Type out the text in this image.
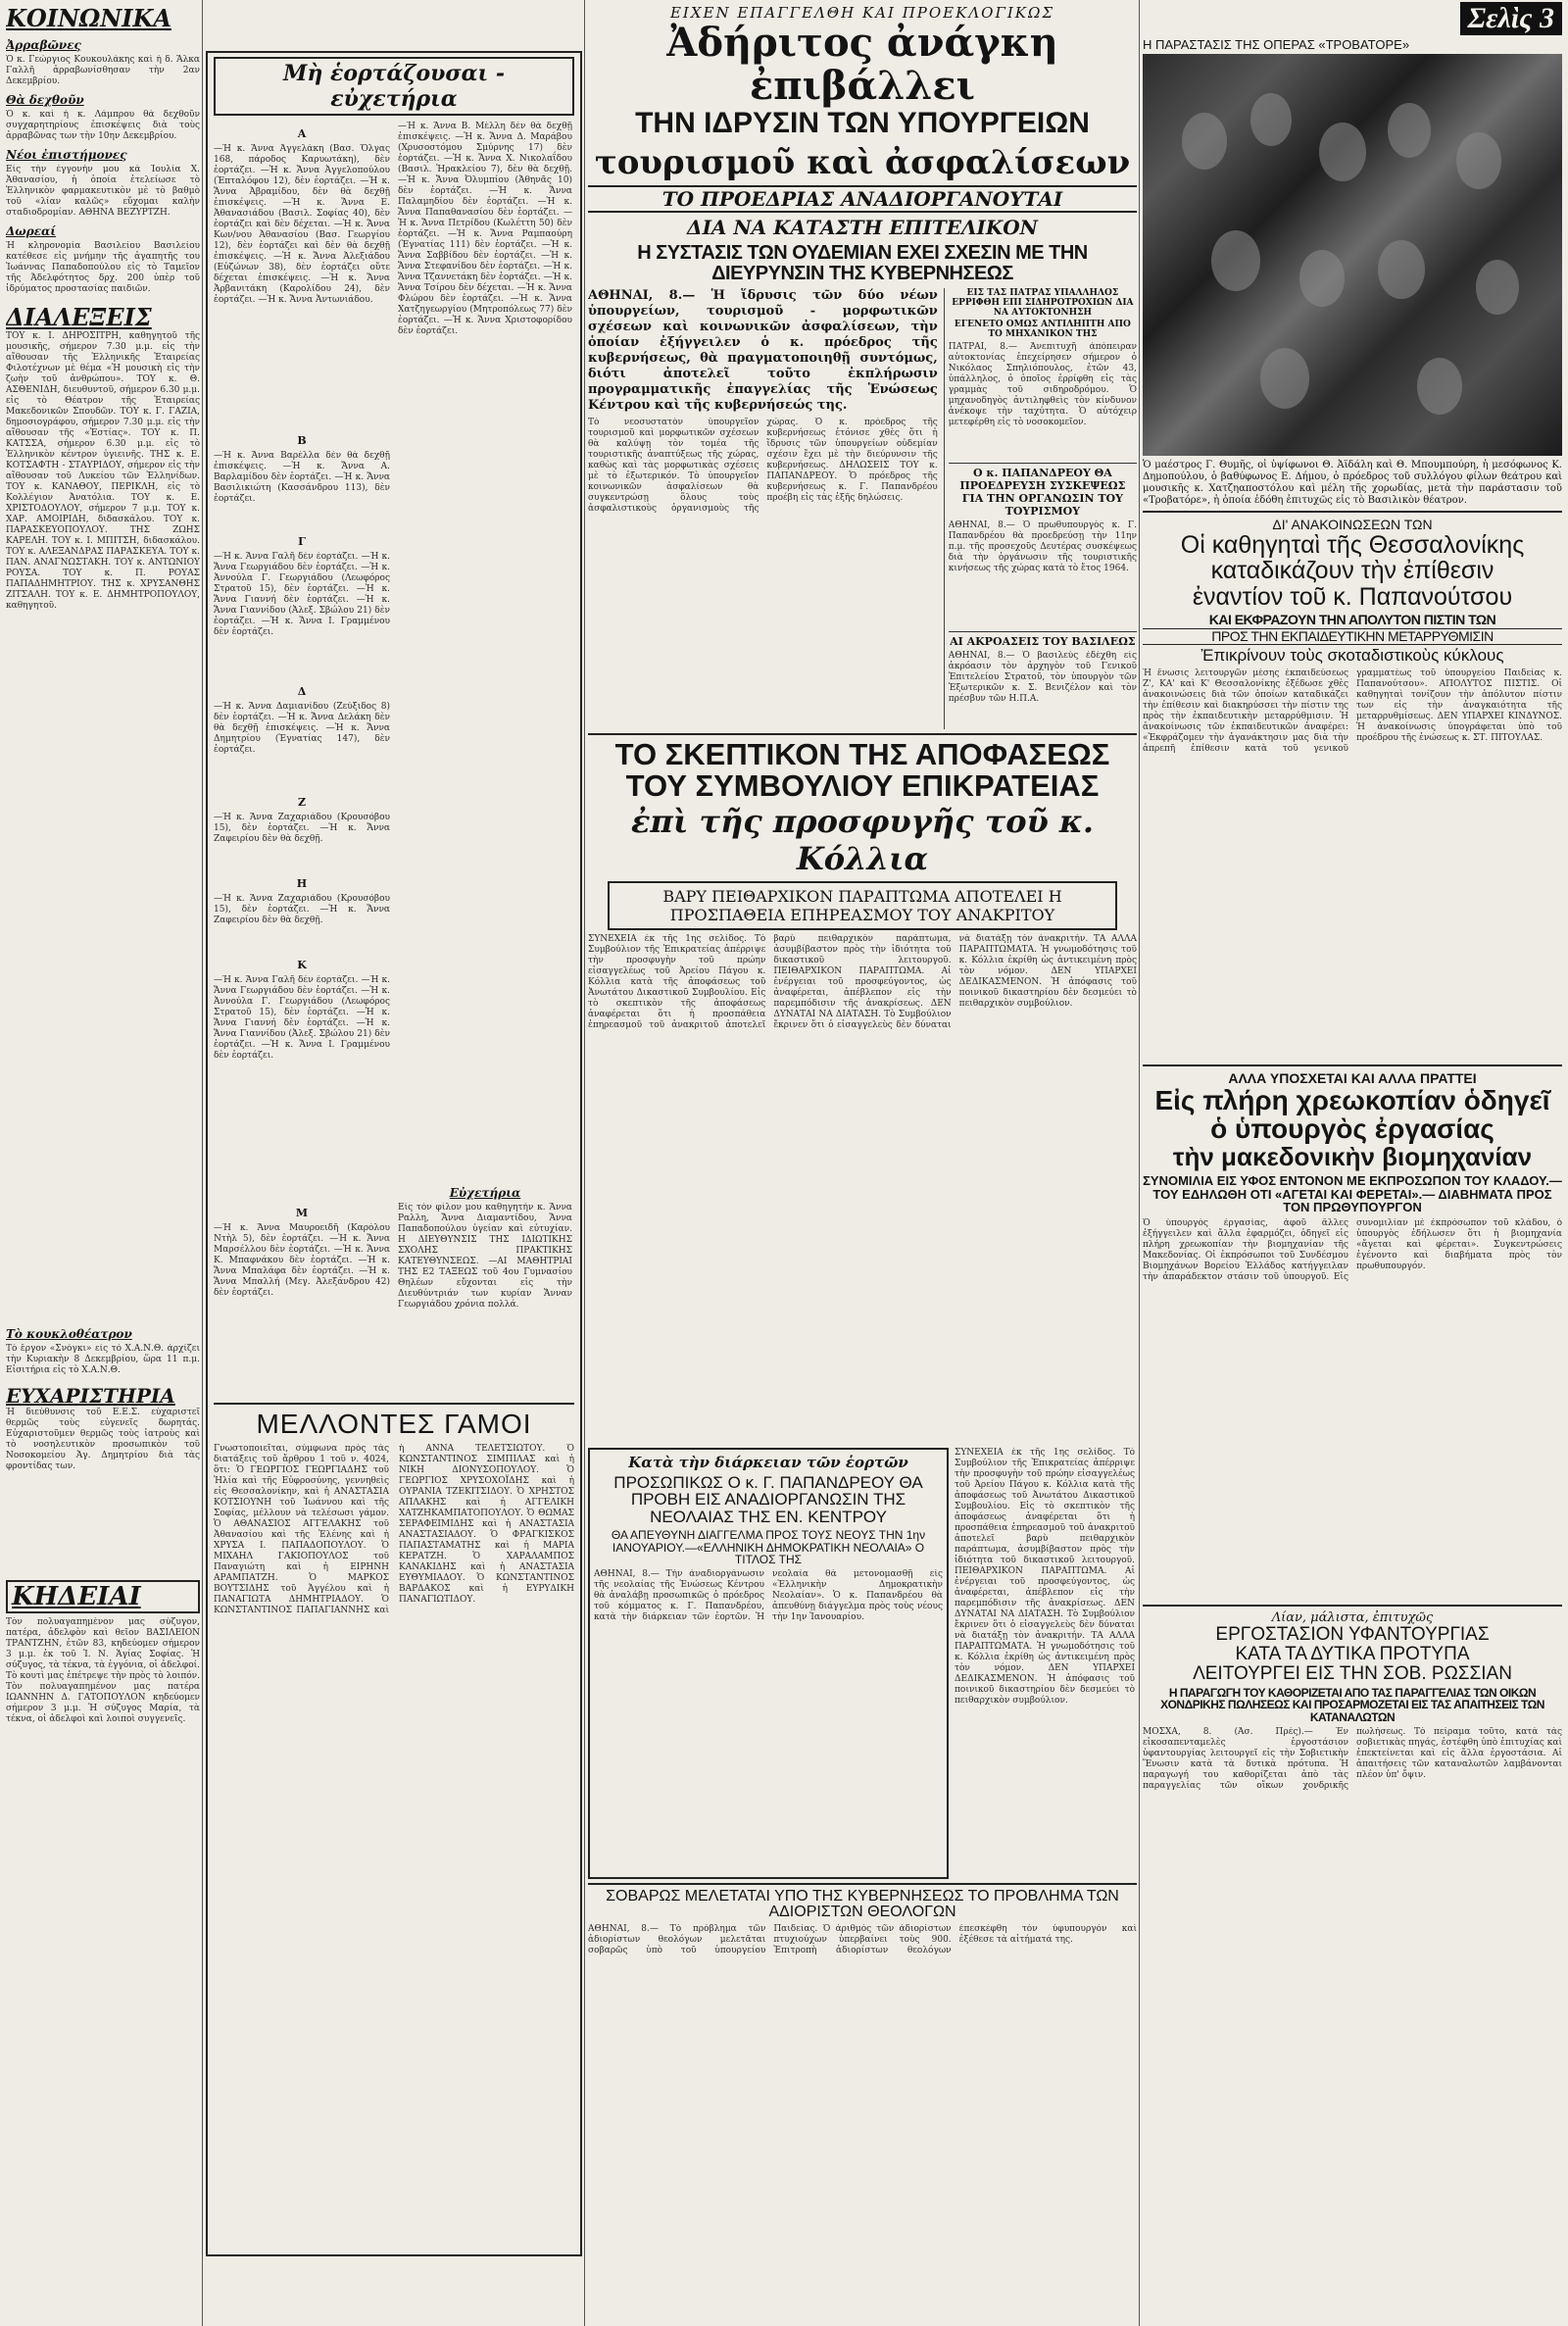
ΚΟΙΝΩΝΙΚΑ
Ἀρραβῶνες
Ὁ κ. Γεώργιος Κουκουλάκης καὶ ἡ δ. Ἄλκα Γαλλῆ ἀρραβωνίσθησαν τὴν 2αν Δεκεμβρίου.
Θὰ δεχθοῦν
Ὁ κ. καὶ ἡ κ. Λάμπρου θὰ δεχθοῦν συγχαρητηρίους ἐπισκέψεις διὰ τοὺς ἀρραβῶνας των τὴν 10ην Δεκεμβρίου.
Νέοι ἐπιστήμονες
Εἰς τὴν ἐγγονήν μου κὰ Ἰουλία Χ. Ἀθανασίου, ἡ ὁποία ἐτελείωσε τὸ Ἑλληνικὸν φαρμακευτικὸν μὲ τὸ βαθμὸ τοῦ «λίαν καλῶς» εὔχομαι καλὴν σταδιοδρομίαν. ΑΘΗΝΑ ΒΕΖΥΡΤΖΗ.
Δωρεαί
Ἡ κληρονομία Βασιλείου Βασιλείου κατέθεσε εἰς μνήμην τῆς ἀγαπητῆς του Ἰωάννας Παπαδοπούλου εἰς τὸ Ταμεῖον τῆς Ἀδελφότητος δρχ. 200 ὑπὲρ τοῦ ἱδρύματος προστασίας παιδιῶν.
ΔΙΑΛΕΞΕΙΣ
ΤΟΥ κ. Ι. ΔΗΡΟΣΙΤΡΗ, καθηγητοῦ τῆς μουσικῆς, σήμερον 7.30 μ.μ. εἰς τὴν αἴθουσαν τῆς Ἑλληνικῆς Ἑταιρείας Φιλοτέχνων μὲ θέμα «Ἡ μουσικὴ εἰς τὴν ζωὴν τοῦ ἀνθρώπου». ΤΟΥ κ. Θ. ΑΣΘΕΝΙΔΗ, διευθυντοῦ, σήμερον 6.30 μ.μ. εἰς τὸ Θέατρον τῆς Ἑταιρείας Μακεδονικῶν Σπουδῶν. ΤΟΥ κ. Γ. ΓΑΖΙΑ, δημοσιογράφου, σήμερον 7.30 μ.μ. εἰς τὴν αἴθουσαν τῆς «Ἑστίας». ΤΟΥ κ. Π. ΚΑΤΣΣΑ, σήμερον 6.30 μ.μ. εἰς τὸ Ἑλληνικὸν κέντρον ὑγιεινῆς. ΤΗΣ κ. Ε. ΚΟΤΣΑΦΤΗ - ΣΤΑΥΡΙΔΟΥ, σήμερον εἰς τὴν αἴθουσαν τοῦ Λυκείου τῶν Ἑλληνίδων. ΤΟΥ κ. ΚΑΝΑΘΟΥ, ΠΕΡΙΚΛΗ, εἰς τὸ Κολλέγιον Ἀνατόλια. ΤΟΥ κ. Ε. ΧΡΙΣΤΟΔΟΥΛΟΥ, σήμερον 7 μ.μ. ΤΟΥ κ. ΧΑΡ. ΑΜΟΙΡΙΔΗ, διδασκάλου. ΤΟΥ κ. ΠΑΡΑΣΚΕΥΟΠΟΥΛΟΥ. ΤΗΣ ΖΩΗΣ ΚΑΡΕΛΗ. ΤΟΥ κ. Ι. ΜΠΙΤΣΗ, διδασκάλου. ΤΟΥ κ. ΑΛΕΞΑΝΔΡΑΣ ΠΑΡΑΣΚΕΥΑ. ΤΟΥ κ. ΠΑΝ. ΑΝΑΓΝΩΣΤΑΚΗ. ΤΟΥ κ. ΑΝΤΩΝΙΟΥ ΡΟΥΣΑ. ΤΟΥ κ. Π. ΡΟΥΑΣ ΠΑΠΑΔΗΜΗΤΡΙΟΥ. ΤΗΣ κ. ΧΡΥΣΑΝΘΗΣ ΖΙΤΣΑΛΗ. ΤΟΥ κ. Ε. ΔΗΜΗΤΡΟΠΟΥΛΟΥ, καθηγητοῦ.
Τὸ κουκλοθέατρον
Τὸ ἔργον «Σνόγκι» εἰς τὸ Χ.Α.Ν.Θ. ἀρχίζει τὴν Κυριακὴν 8 Δεκεμβρίου, ὥρα 11 π.μ. Εἰσιτήρια εἰς τὸ Χ.Α.Ν.Θ.
ΕΥΧΑΡΙΣΤΗΡΙΑ
Ἡ διεύθυνσις τοῦ Ε.Ε.Σ. εὐχαριστεῖ θερμῶς τοὺς εὐγενεῖς δωρητάς. Εὐχαριστοῦμεν θερμῶς τοὺς ἰατροὺς καὶ τὸ νοσηλευτικὸν προσωπικὸν τοῦ Νοσοκομείου Ἁγ. Δημητρίου διὰ τὰς φροντίδας των.
ΚΗΔΕΙΑΙ
Τὸν πολυαγαπημένον μας σύζυγον, πατέρα, ἀδελφὸν καὶ θεῖον ΒΑΣΙΛΕΙΟΝ ΤΡΑΝΤΖΗΝ, ἐτῶν 83, κηδεύομεν σήμερον 3 μ.μ. ἐκ τοῦ Ἱ. Ν. Ἁγίας Σοφίας. Ἡ σύζυγος, τὰ τέκνα, τὰ ἐγγόνια, οἱ ἀδελφοί. Τὸ κουτὶ μας ἐπέτρεψε τὴν πρὸς τὸ λοιπόν. Τὸν πολυαγαπημένον μας πατέρα ΙΩΑΝΝΗΝ Δ. ΓΑΤΟΠΟΥΛΟΝ κηδεύομεν σήμερον 3 μ.μ. Ἡ σύζυγος Μαρία, τὰ τέκνα, οἱ ἀδελφοὶ καὶ λοιποὶ συγγενεῖς.
Μὴ ἑορτάζουσαι - εὐχετήρια
Α
—Ἡ κ. Ἄννα Ἀγγελάκη (Βασ. Ὄλγας 168, πάροδος Καρυωτάκη), δὲν ἑορτάζει. —Ἡ κ. Ἄννα Ἀγγελοπούλου (Ἐπταλόφου 12), δὲν ἑορτάζει. —Ἡ κ. Ἄννα Ἀβραμίδου, δὲν θὰ δεχθῇ ἐπισκέψεις. —Ἡ κ. Ἄννα Ε. Ἀθανασιάδου (Βασιλ. Σοφίας 40), δὲν ἑορτάζει καὶ δὲν δέχεται. —Ἡ κ. Ἄννα Κων/νου Ἀθανασίου (Βασ. Γεωργίου 12), δὲν ἑορτάζει καὶ δὲν θὰ δεχθῇ ἐπισκέψεις. —Ἡ κ. Ἄννα Ἀλεξιάδου (Εὐζώνων 38), δὲν ἑορτάζει οὔτε δέχεται ἐπισκέψεις. —Ἡ κ. Ἄννα Ἀρβανιτάκη (Καρολίδου 24), δὲν ἑορτάζει. —Ἡ κ. Ἄννα Ἀντωνιάδου.
Β
—Ἡ κ. Ἄννα Βαρέλλα δὲν θὰ δεχθῇ ἐπισκέψεις. —Ἡ κ. Ἄννα Α. Βαρλαμίδου δὲν ἑορτάζει. —Ἡ κ. Ἄννα Βασιλικιώτη (Κασσάνδρου 113), δὲν ἑορτάζει.
Γ
—Ἡ κ. Ἄννα Γαλῆ δὲν ἑορτάζει. —Ἡ κ. Ἄννα Γεωργιάδου δὲν ἑορτάζει. —Ἡ κ. Ἀννούλα Γ. Γεωργιάδου (Λεωφόρος Στρατοῦ 15), δὲν ἑορτάζει. —Ἡ κ. Ἄννα Γιαννή δὲν ἑορτάζει. —Ἡ κ. Ἄννα Γιαννίδου (Ἀλεξ. Σβώλου 21) δὲν ἑορτάζει. —Ἡ κ. Ἄννα Ι. Γραμμένου δὲν ἑορτάζει.
Δ
—Ἡ κ. Ἄννα Δαμιανίδου (Ζεὐξιδος 8) δὲν ἑορτάζει. —Ἡ κ. Ἄννα Δελάκη δὲν θὰ δεχθῇ ἐπισκέψεις. —Ἡ κ. Ἄννα Δημητρίου (Ἐγνατίας 147), δὲν ἑορτάζει.
Ζ
—Ἡ κ. Ἄννα Ζαχαριάδου (Κρουσόβου 15), δὲν ἑορτάζει. —Ἡ κ. Ἄννα Ζαφειρίου δὲν θὰ δεχθῇ.
Η
—Ἡ κ. Ἄννα Ζαχαριάδου (Κρουσόβου 15), δὲν ἑορτάζει. —Ἡ κ. Ἄννα Ζαφειρίου δὲν θὰ δεχθῇ.
Κ
—Ἡ κ. Ἄννα Γαλῆ δὲν ἑορτάζει. —Ἡ κ. Ἄννα Γεωργιάδου δὲν ἑορτάζει. —Ἡ κ. Ἀννούλα Γ. Γεωργιάδου (Λεωφόρος Στρατοῦ 15), δὲν ἑορτάζει. —Ἡ κ. Ἄννα Γιαννή δὲν ἑορτάζει. —Ἡ κ. Ἄννα Γιαννίδου (Ἀλεξ. Σβώλου 21) δὲν ἑορτάζει. —Ἡ κ. Ἄννα Ι. Γραμμένου δὲν ἑορτάζει.
Μ
—Ἡ κ. Ἄννα Μαυροειδῆ (Καρόλου Ντὴλ 5), δὲν ἑορτάζει. —Ἡ κ. Ἄννα Μαρσέλλου δὲν ἑορτάζει. —Ἡ κ. Ἄννα Κ. Μπαφνάκου δὲν ἑορτάζει. —Ἡ κ. Ἄννα Μπαλάφα δὲν ἑορτάζει. —Ἡ κ. Ἄννα Μπαλλή (Μεγ. Ἀλεξάνδρου 42) δὲν ἑορτάζει.
—Ἡ κ. Ἄννα Β. Μέλλη δὲν θὰ δεχθῇ ἐπισκέψεις. —Ἡ κ. Ἄννα Δ. Μαράβου (Χρυσοστόμου Σμύρνης 17) δὲν ἑορτάζει. —Ἡ κ. Ἄννα Χ. Νικολαΐδου (Βασιλ. Ἡρακλείου 7), δὲν θὰ δεχθῇ. —Ἡ κ. Ἄννα Ὀλυμπίου (Ἀθηνᾶς 10) δὲν ἑορτάζει. —Ἡ κ. Ἄννα Παλαμηδίου δὲν ἑορτάζει. —Ἡ κ. Ἄννα Παπαθανασίου δὲν ἑορτάζει. —Ἡ κ. Ἄννα Πετρίδου (Κωλέττη 50) δὲν ἑορτάζει. —Ἡ κ. Ἄννα Ραμπαούρη (Ἐγνατίας 111) δὲν ἑορτάζει. —Ἡ κ. Ἄννα Σαββίδου δὲν ἑορτάζει. —Ἡ κ. Ἄννα Στεφανίδου δὲν ἑορτάζει. —Ἡ κ. Ἄννα Τζαννετάκη δὲν ἑορτάζει. —Ἡ κ. Ἄννα Τσίρου δὲν δέχεται. —Ἡ κ. Ἄννα Φλώρου δὲν ἑορτάζει. —Ἡ κ. Ἄννα Χατζηγεωργίου (Μητροπόλεως 77) δὲν ἑορτάζει. —Ἡ κ. Ἄννα Χριστοφορίδου δὲν ἑορτάζει.
Εὐχετήρια
Εἰς τὸν φίλον μου καθηγητὴν κ. Ἄννα Ραλλη, Ἄννα Διαμαντίδου, Ἄννα Παπαδοπούλου ὑγείαν καὶ εὐτυχίαν. Η ΔΙΕΥΘΥΝΣΙΣ ΤΗΣ ΙΔΙΩΤΙΚΗΣ ΣΧΟΛΗΣ ΠΡΑΚΤΙΚΗΣ ΚΑΤΕΥΘΥΝΣΕΩΣ. —ΑΙ ΜΑΘΗΤΡΙΑΙ ΤΗΣ Ε2 ΤΑΞΕΩΣ τοῦ 4ου Γυμνασίου Θηλέων εὔχονται εἰς τὴν Διευθύντριάν των κυρίαν Ἄνναν Γεωργιάδου χρόνια πολλά.
ΜΕΛΛΟΝΤΕΣ ΓΑΜΟΙ
Γνωστοποιεῖται, σύμφωνα πρὸς τὰς διατάξεις τοῦ ἄρθρου 1 τοῦ ν. 4024, ὅτι: Ὁ ΓΕΩΡΓΙΟΣ ΓΕΩΡΓΙΑΔΗΣ τοῦ Ἠλία καὶ τῆς Εὐφροσύνης, γεννηθεὶς εἰς Θεσσαλονίκην, καὶ ἡ ΑΝΑΣΤΑΣΙΑ ΚΟΤΣΙΟΥΝΗ τοῦ Ἰωάννου καὶ τῆς Σοφίας, μέλλουν νὰ τελέσωσι γάμον. Ὁ ΑΘΑΝΑΣΙΟΣ ΑΓΓΕΛΑΚΗΣ τοῦ Ἀθανασίου καὶ τῆς Ἐλένης καὶ ἡ ΧΡΥΣΑ Ι. ΠΑΠΑΔΟΠΟΥΛΟΥ. Ὁ ΜΙΧΑΗΛ ΓΑΚΙΟΠΟΥΛΟΣ τοῦ Παναγιώτη καὶ ἡ ΕΙΡΗΝΗ ΑΡΑΜΠΑΤΖΗ. Ὁ ΜΑΡΚΟΣ ΒΟΥΤΣΙΔΗΣ τοῦ Ἀγγέλου καὶ ἡ ΠΑΝΑΓΙΩΤΑ ΔΗΜΗΤΡΙΑΔΟΥ. Ὁ ΚΩΝΣΤΑΝΤΙΝΟΣ ΠΑΠΑΓΙΑΝΝΗΣ καὶ ἡ ΑΝΝΑ ΤΕΛΕΤΣΙΩΤΟΥ. Ὁ ΚΩΝΣΤΑΝΤΙΝΟΣ ΣΙΜΠΙΛΑΣ καὶ ἡ ΝΙΚΗ ΔΙΟΝΥΣΟΠΟΥΛΟΥ. Ὁ ΓΕΩΡΓΙΟΣ ΧΡΥΣΟΧΟΪΔΗΣ καὶ ἡ ΟΥΡΑΝΙΑ ΤΖΕΚΙΤΣΙΔΟΥ. Ὁ ΧΡΗΣΤΟΣ ΑΠΛΑΚΗΣ καὶ ἡ ΑΓΓΕΛΙΚΗ ΧΑΤΖΗΚΑΜΠΑΤΟΠΟΥΛΟΥ. Ὁ ΘΩΜΑΣ ΣΕΡΑΦΕΙΜΙΔΗΣ καὶ ἡ ΑΝΑΣΤΑΣΙΑ ΑΝΑΣΤΑΣΙΑΔΟΥ. Ὁ ΦΡΑΓΚΙΣΚΟΣ ΠΑΠΑΣΤΑΜΑΤΗΣ καὶ ἡ ΜΑΡΙΑ ΚΕΡΑΤΖΗ. Ὁ ΧΑΡΑΛΑΜΠΟΣ ΚΑΝΑΚΙΔΗΣ καὶ ἡ ΑΝΑΣΤΑΣΙΑ ΕΥΘΥΜΙΑΔΟΥ. Ὁ ΚΩΝΣΤΑΝΤΙΝΟΣ ΒΑΡΔΑΚΟΣ καὶ ἡ ΕΥΡΥΔΙΚΗ ΠΑΝΑΓΙΩΤΙΔΟΥ.
ΕΙΧΕΝ ΕΠΑΓΓΕΛΘΗ ΚΑΙ ΠΡΟΕΚΛΟΓΙΚΩΣ
Ἀδήριτος ἀνάγκη ἐπιβάλλει
ΤΗΝ ΙΔΡΥΣΙΝ ΤΩΝ ΥΠΟΥΡΓΕΙΩΝ
τουρισμοῦ καὶ ἀσφαλίσεων
ΤΟ ΠΡΟΕΔΡΙΑΣ ΑΝΑΔΙΟΡΓΑΝΟΥΤΑΙ
ΔΙΑ ΝΑ ΚΑΤΑΣΤΗ ΕΠΙΤΕΛΙΚΟΝ
Η ΣΥΣΤΑΣΙΣ ΤΩΝ ΟΥΔΕΜΙΑΝ ΕΧΕΙ ΣΧΕΣΙΝ ΜΕ ΤΗΝ ΔΙΕΥΡΥΝΣΙΝ ΤΗΣ ΚΥΒΕΡΝΗΣΕΩΣ
ΑΘΗΝΑΙ, 8.— Ἡ ἵδρυσις τῶν δύο νέων ὑπουργείων, τουρισμοῦ - μορφωτικῶν σχέσεων καὶ κοινωνικῶν ἀσφαλίσεων, τὴν ὁποίαν ἐξήγγειλεν ὁ κ. πρόεδρος τῆς κυβερνήσεως, θὰ πραγματοποιηθῇ συντόμως, διότι ἀποτελεῖ τοῦτο ἐκπλήρωσιν προγραμματικῆς ἐπαγγελίας τῆς Ἑνώσεως Κέντρου καὶ τῆς κυβερνήσεώς της.
Τὸ νεοσυστατὸν ὑπουργεῖον τουρισμοῦ καὶ μορφωτικῶν σχέσεων θὰ καλύψῃ τὸν τομέα τῆς τουριστικῆς ἀναπτύξεως τῆς χώρας, καθὼς καὶ τὰς μορφωτικὰς σχέσεις μὲ τὸ ἐξωτερικόν. Τὸ ὑπουργεῖον κοινωνικῶν ἀσφαλίσεων θὰ συγκεντρώσῃ ὅλους τοὺς ἀσφαλιστικοὺς ὀργανισμοὺς τῆς χώρας. Ὁ κ. πρόεδρος τῆς κυβερνήσεως ἐτόνισε χθὲς ὅτι ἡ ἵδρυσις τῶν ὑπουργείων οὐδεμίαν σχέσιν ἔχει μὲ τὴν διεύρυνσιν τῆς κυβερνήσεως. ΔΗΛΩΣΕΙΣ ΤΟΥ κ. ΠΑΠΑΝΔΡΕΟΥ. Ὁ πρόεδρος τῆς κυβερνήσεως κ. Γ. Παπανδρέου προέβη εἰς τὰς ἑξῆς δηλώσεις.
ΕΙΣ ΤΑΣ ΠΑΤΡΑΣ ΥΠΑΛΛΗΛΟΣ ΕΡΡΙΦΘΗ ΕΠΙ ΣΙΔΗΡΟΤΡΟΧΙΩΝ ΔΙΑ ΝΑ ΑΥΤΟΚΤΟΝΗΣΗ
ΕΓΕΝΕΤΟ ΟΜΩΣ ΑΝΤΙΛΗΠΤΗ ΑΠΟ ΤΟ ΜΗΧΑΝΙΚΟΝ ΤΗΣ
ΠΑΤΡΑΙ, 8.— Ἀνεπιτυχῆ ἀπόπειραν αὐτοκτονίας ἐπεχείρησεν σήμερον ὁ Νικόλαος Σπηλιόπουλος, ἐτῶν 43, ὑπάλληλος, ὁ ὁποῖος ἐρρίφθη εἰς τὰς γραμμὰς τοῦ σιδηροδρόμου. Ὁ μηχανοδηγὸς ἀντιληφθεὶς τὸν κίνδυνον ἀνέκοψε τὴν ταχύτητα. Ὁ αὐτόχειρ μετεφέρθη εἰς τὸ νοσοκομεῖον.
Ο κ. ΠΑΠΑΝΔΡΕΟΥ ΘΑ ΠΡΟΕΔΡΕΥΣΗ ΣΥΣΚΕΨΕΩΣ ΓΙΑ ΤΗΝ ΟΡΓΑΝΩΣΙΝ ΤΟΥ ΤΟΥΡΙΣΜΟΥ
ΑΘΗΝΑΙ, 8.— Ὁ πρωθυπουργὸς κ. Γ. Παπανδρέου θὰ προεδρεύσῃ τὴν 11ην π.μ. τῆς προσεχοῦς Δευτέρας συσκέψεως διὰ τὴν ὀργάνωσιν τῆς τουριστικῆς κινήσεως τῆς χώρας κατὰ τὸ ἔτος 1964.
ΑΙ ΑΚΡΟΑΣΕΙΣ ΤΟΥ ΒΑΣΙΛΕΩΣ
ΑΘΗΝΑΙ, 8.— Ὁ βασιλεὺς ἐδέχθη εἰς ἀκρόασιν τὸν ἀρχηγὸν τοῦ Γενικοῦ Ἐπιτελείου Στρατοῦ, τὸν ὑπουργὸν τῶν Ἐξωτερικῶν κ. Σ. Βενιζέλον καὶ τὸν πρέσβυν τῶν Η.Π.Α.
ΤΟ ΣΚΕΠΤΙΚΟΝ ΤΗΣ ΑΠΟΦΑΣΕΩΣ
ΤΟΥ ΣΥΜΒΟΥΛΙΟΥ ΕΠΙΚΡΑΤΕΙΑΣ
ἐπὶ τῆς προσφυγῆς τοῦ κ. Κόλλια
ΒΑΡΥ ΠΕΙΘΑΡΧΙΚΟΝ ΠΑΡΑΠΤΩΜΑ ΑΠΟΤΕΛΕΙ Η ΠΡΟΣΠΑΘΕΙΑ ΕΠΗΡΕΑΣΜΟΥ ΤΟΥ ΑΝΑΚΡΙΤΟΥ
ΣΥΝΕΧΕΙΑ ἐκ τῆς 1ης σελίδος. Τὸ Συμβούλιον τῆς Ἐπικρατείας ἀπέρριψε τὴν προσφυγὴν τοῦ πρώην εἰσαγγελέως τοῦ Ἀρείου Πάγου κ. Κόλλια κατὰ τῆς ἀποφάσεως τοῦ Ἀνωτάτου Δικαστικοῦ Συμβουλίου. Εἰς τὸ σκεπτικὸν τῆς ἀποφάσεως ἀναφέρεται ὅτι ἡ προσπάθεια ἐπηρεασμοῦ τοῦ ἀνακριτοῦ ἀποτελεῖ βαρὺ πειθαρχικὸν παράπτωμα, ἀσυμβίβαστον πρὸς τὴν ἰδιότητα τοῦ δικαστικοῦ λειτουργοῦ. ΠΕΙΘΑΡΧΙΚΟΝ ΠΑΡΑΠΤΩΜΑ. Αἱ ἐνέργειαι τοῦ προσφεύγοντος, ὡς ἀναφέρεται, ἀπέβλεπον εἰς τὴν παρεμπόδισιν τῆς ἀνακρίσεως. ΔΕΝ ΔΥΝΑΤΑΙ ΝΑ ΔΙΑΤΑΣΗ. Τὸ Συμβούλιον ἔκρινεν ὅτι ὁ εἰσαγγελεὺς δὲν δύναται νὰ διατάξῃ τὸν ἀνακριτήν. ΤΑ ΑΛΛΑ ΠΑΡΑΠΤΩΜΑΤΑ. Ἡ γνωμοδότησις τοῦ κ. Κόλλια ἐκρίθη ὡς ἀντικειμένη πρὸς τὸν νόμον. ΔΕΝ ΥΠΑΡΧΕΙ ΔΕΔΙΚΑΣΜΕΝΟΝ. Ἡ ἀπόφασις τοῦ ποινικοῦ δικαστηρίου δὲν δεσμεύει τὸ πειθαρχικὸν συμβούλιον.
Κατὰ τὴν διάρκειαν τῶν ἑορτῶν
ΠΡΟΣΩΠΙΚΩΣ Ο κ. Γ. ΠΑΠΑΝΔΡΕΟΥ ΘΑ ΠΡΟΒΗ ΕΙΣ ΑΝΑΔΙΟΡΓΑΝΩΣΙΝ ΤΗΣ ΝΕΟΛΑΙΑΣ ΤΗΣ ΕΝ. ΚΕΝΤΡΟΥ
ΘΑ ΑΠΕΥΘΥΝΗ ΔΙΑΓΓΕΛΜΑ ΠΡΟΣ ΤΟΥΣ ΝΕΟΥΣ ΤΗΝ 1ην ΙΑΝΟΥΑΡΙΟΥ.—«ΕΛΛΗΝΙΚΗ ΔΗΜΟΚΡΑΤΙΚΗ ΝΕΟΛΑΙΑ» Ο ΤΙΤΛΟΣ ΤΗΣ
ΑΘΗΝΑΙ, 8.— Τὴν ἀναδιοργάνωσιν τῆς νεολαίας τῆς Ἑνώσεως Κέντρου θὰ ἀναλάβῃ προσωπικῶς ὁ πρόεδρος τοῦ κόμματος κ. Γ. Παπανδρέου, κατὰ τὴν διάρκειαν τῶν ἑορτῶν. Ἡ νεολαία θὰ μετονομασθῇ εἰς «Ἑλληνικὴν Δημοκρατικὴν Νεολαίαν». Ὁ κ. Παπανδρέου θὰ ἀπευθύνῃ διάγγελμα πρὸς τοὺς νέους τὴν 1ην Ἰανουαρίου.
ΣΥΝΕΧΕΙΑ ἐκ τῆς 1ης σελίδος. Τὸ Συμβούλιον τῆς Ἐπικρατείας ἀπέρριψε τὴν προσφυγὴν τοῦ πρώην εἰσαγγελέως τοῦ Ἀρείου Πάγου κ. Κόλλια κατὰ τῆς ἀποφάσεως τοῦ Ἀνωτάτου Δικαστικοῦ Συμβουλίου. Εἰς τὸ σκεπτικὸν τῆς ἀποφάσεως ἀναφέρεται ὅτι ἡ προσπάθεια ἐπηρεασμοῦ τοῦ ἀνακριτοῦ ἀποτελεῖ βαρὺ πειθαρχικὸν παράπτωμα, ἀσυμβίβαστον πρὸς τὴν ἰδιότητα τοῦ δικαστικοῦ λειτουργοῦ. ΠΕΙΘΑΡΧΙΚΟΝ ΠΑΡΑΠΤΩΜΑ. Αἱ ἐνέργειαι τοῦ προσφεύγοντος, ὡς ἀναφέρεται, ἀπέβλεπον εἰς τὴν παρεμπόδισιν τῆς ἀνακρίσεως. ΔΕΝ ΔΥΝΑΤΑΙ ΝΑ ΔΙΑΤΑΣΗ. Τὸ Συμβούλιον ἔκρινεν ὅτι ὁ εἰσαγγελεὺς δὲν δύναται νὰ διατάξῃ τὸν ἀνακριτήν. ΤΑ ΑΛΛΑ ΠΑΡΑΠΤΩΜΑΤΑ. Ἡ γνωμοδότησις τοῦ κ. Κόλλια ἐκρίθη ὡς ἀντικειμένη πρὸς τὸν νόμον. ΔΕΝ ΥΠΑΡΧΕΙ ΔΕΔΙΚΑΣΜΕΝΟΝ. Ἡ ἀπόφασις τοῦ ποινικοῦ δικαστηρίου δὲν δεσμεύει τὸ πειθαρχικὸν συμβούλιον.
ΣΟΒΑΡΩΣ ΜΕΛΕΤΑΤΑΙ ΥΠΟ ΤΗΣ ΚΥΒΕΡΝΗΣΕΩΣ ΤΟ ΠΡΟΒΛΗΜΑ ΤΩΝ ΑΔΙΟΡΙΣΤΩΝ ΘΕΟΛΟΓΩΝ
ΑΘΗΝΑΙ, 8.— Τὸ πρόβλημα τῶν ἀδιορίστων θεολόγων μελετᾶται σοβαρῶς ὑπὸ τοῦ ὑπουργείου Παιδείας. Ὁ ἀριθμὸς τῶν ἀδιορίστων πτυχιούχων ὑπερβαίνει τοὺς 900. Ἐπιτροπὴ ἀδιορίστων θεολόγων ἐπεσκέφθη τὸν ὑφυπουργὸν καὶ ἐξέθεσε τὰ αἰτήματά της.
Σελὶς 3
Η ΠΑΡΑΣΤΑΣΙΣ ΤΗΣ ΟΠΕΡΑΣ «ΤΡΟΒΑΤΟΡΕ»
Ὁ μαέστρος Γ. Θυμῆς, οἱ ὑψίφωνοι Θ. Ἀϊδάλη καὶ Θ. Μπουμπούρη, ἡ μεσόφωνος Κ. Δημοπούλου, ὁ βαθύφωνος Ε. Δήμου, ὁ πρόεδρος τοῦ συλλόγου φίλων θεάτρου καὶ μουσικῆς κ. Χατζηαποστόλου καὶ μέλη τῆς χορωδίας, μετὰ τὴν παράστασιν τοῦ «Τροβατόρε», ἡ ὁποία ἐδόθη ἐπιτυχῶς εἰς τὸ Βασιλικὸν θέατρον.
ΔΙ' ΑΝΑΚΟΙΝΩΣΕΩΝ ΤΩΝ
Οἱ καθηγηταὶ τῆς Θεσσαλονίκης
καταδικάζουν τὴν ἐπίθεσιν
ἐναντίον τοῦ κ. Παπανούτσου
ΚΑΙ ΕΚΦΡΑΖΟΥΝ ΤΗΝ ΑΠΟΛΥΤΟΝ ΠΙΣΤΙΝ ΤΩΝ
ΠΡΟΣ ΤΗΝ ΕΚΠΑΙΔΕΥΤΙΚΗΝ ΜΕΤΑΡΡΥΘΜΙΣΙΝ
Ἐπικρίνουν τοὺς σκοταδιστικοὺς κύκλους
Ἡ ἕνωσις λειτουργῶν μέσης ἐκπαιδεύσεως Ζ', ΚΑ' καὶ Κ' Θεσσαλονίκης ἐξέδωσε χθὲς ἀνακοινώσεις διὰ τῶν ὁποίων καταδικάζει τὴν ἐπίθεσιν καὶ διακηρύσσει τὴν πίστιν της πρὸς τὴν ἐκπαιδευτικὴν μεταρρύθμισιν. Ἡ ἀνακοίνωσις τῶν ἐκπαιδευτικῶν ἀναφέρει: «Ἐκφράζομεν τὴν ἀγανάκτησιν μας διὰ τὴν ἀπρεπῆ ἐπίθεσιν κατὰ τοῦ γενικοῦ γραμματέως τοῦ ὑπουργείου Παιδείας κ. Παπανούτσου». ΑΠΟΛΥΤΟΣ ΠΙΣΤΙΣ. Οἱ καθηγηταὶ τονίζουν τὴν ἀπόλυτον πίστιν των εἰς τὴν ἀναγκαιότητα τῆς μεταρρυθμίσεως. ΔΕΝ ΥΠΑΡΧΕΙ ΚΙΝΔΥΝΟΣ. Ἡ ἀνακοίνωσις ὑπογράφεται ὑπὸ τοῦ προέδρου τῆς ἑνώσεως κ. ΣΤ. ΠΙΤΟΥΛΑΣ.
ΑΛΛΑ ΥΠΟΣΧΕΤΑΙ ΚΑΙ ΑΛΛΑ ΠΡΑΤΤΕΙ
Εἰς πλήρη χρεωκοπίαν ὁδηγεῖ
ὁ ὑπουργὸς ἐργασίας
τὴν μακεδονικὴν βιομηχανίαν
ΣΥΝΟΜΙΛΙΑ ΕΙΣ ΥΦΟΣ ΕΝΤΟΝΟΝ ΜΕ ΕΚΠΡΟΣΩΠΟΝ ΤΟΥ ΚΛΑΔΟΥ.— ΤΟΥ ΕΔΗΛΩΘΗ ΟΤΙ «ΑΓΕΤΑΙ ΚΑΙ ΦΕΡΕΤΑΙ».— ΔΙΑΒΗΜΑΤΑ ΠΡΟΣ ΤΟΝ ΠΡΩΘΥΠΟΥΡΓΟΝ
Ὁ ὑπουργὸς ἐργασίας, ἀφοῦ ἄλλες ἐξήγγειλεν καὶ ἄλλα ἐφαρμόζει, ὁδηγεῖ εἰς πλήρη χρεωκοπίαν τὴν βιομηχανίαν τῆς Μακεδονίας. Οἱ ἐκπρόσωποι τοῦ Συνδέσμου Βιομηχάνων Βορείου Ἑλλάδος κατήγγειλαν τὴν ἀπαράδεκτον στάσιν τοῦ ὑπουργοῦ. Εἰς συνομιλίαν μὲ ἐκπρόσωπον τοῦ κλάδου, ὁ ὑπουργὸς ἐδήλωσεν ὅτι ἡ βιομηχανία «ἄγεται καὶ φέρεται». Συγκεντρώσεις ἐγένοντο καὶ διαβήματα πρὸς τὸν πρωθυπουργόν.
Λίαν, μάλιστα, ἐπιτυχῶς
ΕΡΓΟΣΤΑΣΙΟΝ ΥΦΑΝΤΟΥΡΓΙΑΣ
ΚΑΤΑ ΤΑ ΔΥΤΙΚΑ ΠΡΟΤΥΠΑ
ΛΕΙΤΟΥΡΓΕΙ ΕΙΣ ΤΗΝ ΣΟΒ. ΡΩΣΣΙΑΝ
Η ΠΑΡΑΓΩΓΗ ΤΟΥ ΚΑΘΟΡΙΖΕΤΑΙ ΑΠΟ ΤΑΣ ΠΑΡΑΓΓΕΛΙΑΣ ΤΩΝ ΟΙΚΩΝ ΧΟΝΔΡΙΚΗΣ ΠΩΛΗΣΕΩΣ ΚΑΙ ΠΡΟΣΑΡΜΟΖΕΤΑΙ ΕΙΣ ΤΑΣ ΑΠΑΙΤΗΣΕΙΣ ΤΩΝ ΚΑΤΑΝΑΛΩΤΩΝ
ΜΟΣΧΑ, 8. (Ἀσ. Πρές).— Ἐν εἰκοσαπενταμελὲς ἐργοστάσιον ὑφαντουργίας λειτουργεῖ εἰς τὴν Σοβιετικὴν Ἕνωσιν κατὰ τὰ δυτικὰ πρότυπα. Ἡ παραγωγή του καθορίζεται ἀπὸ τὰς παραγγελίας τῶν οἴκων χονδρικῆς πωλήσεως. Τὸ πείραμα τοῦτο, κατὰ τὰς σοβιετικὰς πηγάς, ἐστέφθη ὑπὸ ἐπιτυχίας καὶ ἐπεκτείνεται καὶ εἰς ἄλλα ἐργοστάσια. Αἱ ἀπαιτήσεις τῶν καταναλωτῶν λαμβάνονται πλέον ὑπ' ὄψιν.
